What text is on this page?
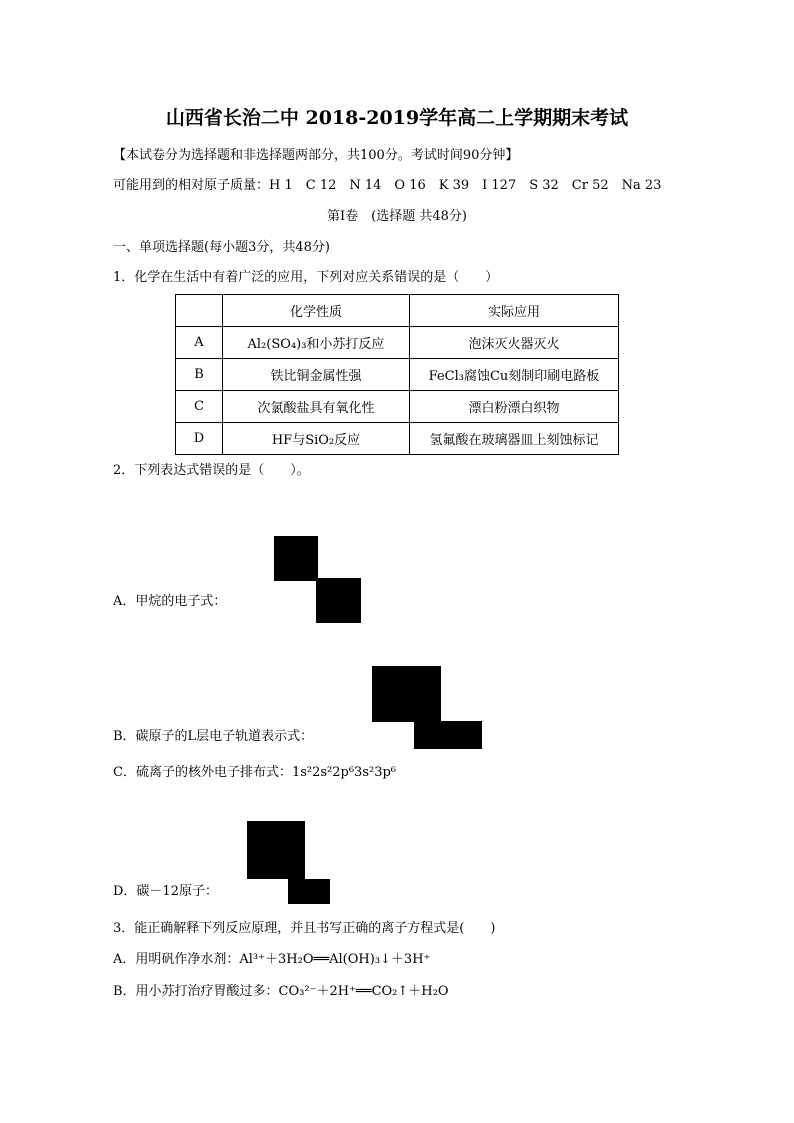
山西省长治二中 2018-2019学年高二上学期期末考试
【本试卷分为选择题和非选择题两部分，共100分。考试时间90分钟】
可能用到的相对原子质量：H 1　C 12　N 14　O 16　K 39　I 127　S 32　Cr 52　Na 23
第Ⅰ卷　(选择题 共48分)
一、单项选择题(每小题3分，共48分)
1．化学在生活中有着广泛的应用，下列对应关系错误的是（　　）
	化学性质	实际应用
A	Al₂(SO₄)₃和小苏打反应	泡沫灭火器灭火
B	铁比铜金属性强	FeCl₃腐蚀Cu刻制印刷电路板
C	次氯酸盐具有氧化性	漂白粉漂白织物
D	HF与SiO₂反应	氢氟酸在玻璃器皿上刻蚀标记
2．下列表达式错误的是（　　）。
A．甲烷的电子式：
B．碳原子的L层电子轨道表示式：
C．硫离子的核外电子排布式：1s²2s²2p⁶3s²3p⁶
D．碳－12原子：
3．能正确解释下列反应原理，并且书写正确的离子方程式是(　　)
A．用明矾作净水剂：Al³⁺＋3H₂O══Al(OH)₃↓＋3H⁺
B．用小苏打治疗胃酸过多：CO₃²⁻＋2H⁺══CO₂↑＋H₂O
